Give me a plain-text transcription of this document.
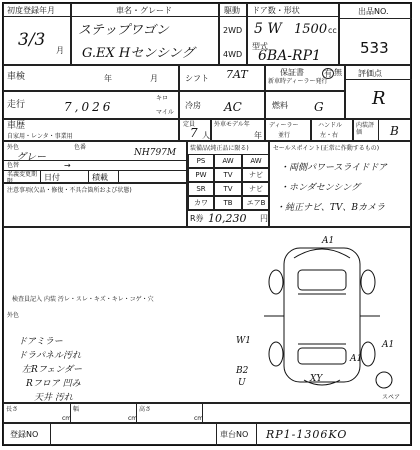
初度登録年月
3/3
月
車名・グレード
ステップワゴン
G.EX Hセンシング
駆動
2WD
4WD
ドア数・形状
5 W 1500 cc
型式
6BA-RP1
出品NO.
533
車検	年	月	シフト 7AT	保証書
新車時ディーラー発行
有 無 評価点
R
走行	7,026
キロ
マイル
冷房 AC	燃料 G
車歴
自家用・レンタ・事業用
定員
7 人
外車モデル年
年
ディーラー
並行
ハンドル
左・右
内装評価	B
外色
グレー
色番
NH797M
色替	→
名義変更期限	日付	積載
装備品(純正品に限る)
PS	AW	AW
PW	TV	ナビ
SR	TV	ナビ
カワ	TB	エアB
R券 10,230 円
セールスポイント(正常に作動するもの)
・両側パワースライドドア
・ホンダセンシング
・純正ナビ、TV、Bカメラ
注意事項(欠品・修復・不具合箇所および状態)
検査員記入 内装 汚レ・スレ・キズ・キレ・コゲ・穴
外色
ドアミラー
ドラパネル汚れ
左Rフェンダー
Rフロア 凹み
天井 汚れ
A1
W1	A1
XY
B2
U
A1
スペア
長さ
cm
幅
cm
高さ
cm
登録NO	車台NO RP1-1306KO
